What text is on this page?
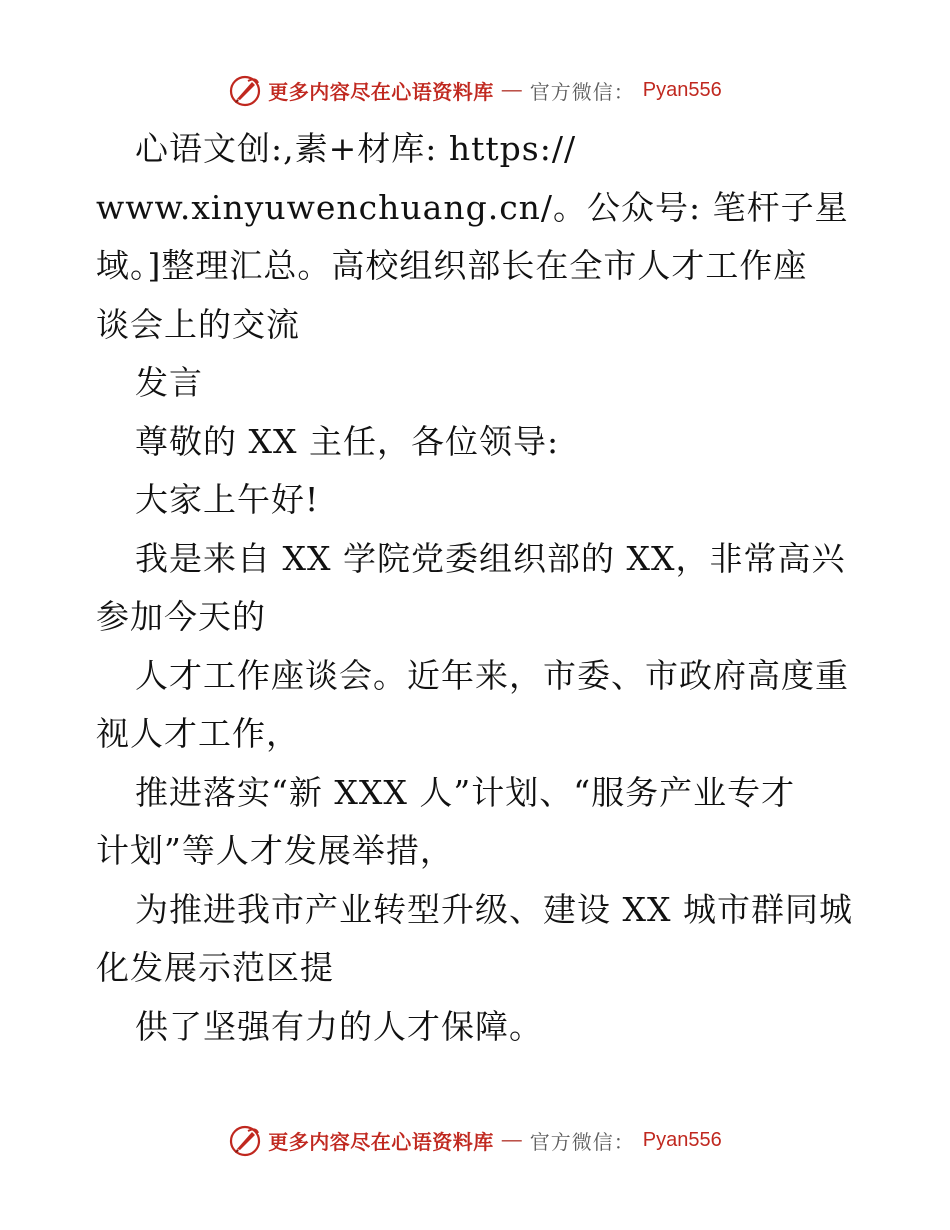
更多内容尽在心语资料库 — 官方微信： Pyan556
心语文创:,素+材库: https://
www.xinyuwenchuang.cn/。公众号: 笔杆子星
域。]整理汇总。高校组织部长在全市人才工作座
谈会上的交流
发言
尊敬的 XX 主任，各位领导:
大家上午好!
我是来自 XX 学院党委组织部的 XX，非常高兴
参加今天的
人才工作座谈会。近年来，市委、市政府高度重
视人才工作，
推进落实“新 XXX 人”计划、“服务产业专才
计划”等人才发展举措，
为推进我市产业转型升级、建设 XX 城市群同城
化发展示范区提
供了坚强有力的人才保障。
更多内容尽在心语资料库 — 官方微信： Pyan556
